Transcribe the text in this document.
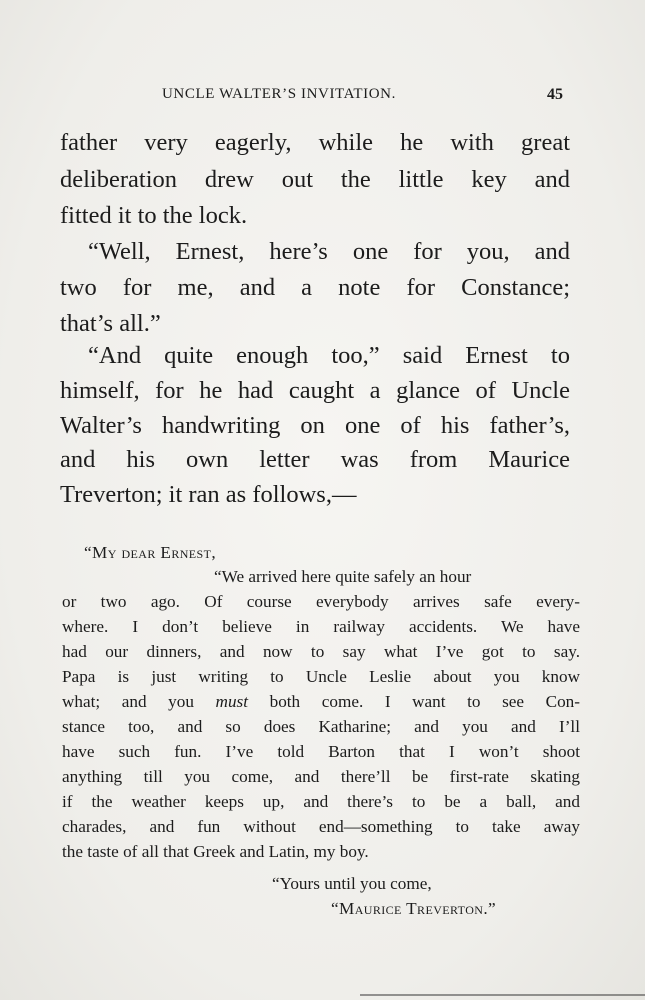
UNCLE WALTER’S INVITATION.	45
father very eagerly, while he with great
deliberation drew out the little key and
fitted it to the lock.
“Well, Ernest, here’s one for you, and
two for me, and a note for Constance;
that’s all.”
“And quite enough too,” said Ernest to
himself, for he had caught a glance of Uncle
Walter’s handwriting on one of his father’s,
and his own letter was from Maurice
Treverton; it ran as follows,—
“My dear Ernest,
“We arrived here quite safely an hour
or two ago. Of course everybody arrives safe every-
where. I don’t believe in railway accidents. We have
had our dinners, and now to say what I’ve got to say.
Papa is just writing to Uncle Leslie about you know
what; and you must both come. I want to see Con-
stance too, and so does Katharine; and you and I’ll
have such fun. I’ve told Barton that I won’t shoot
anything till you come, and there’ll be first-rate skating
if the weather keeps up, and there’s to be a ball, and
charades, and fun without end—something to take away
the taste of all that Greek and Latin, my boy.
“Yours until you come,
“Maurice Treverton.”
